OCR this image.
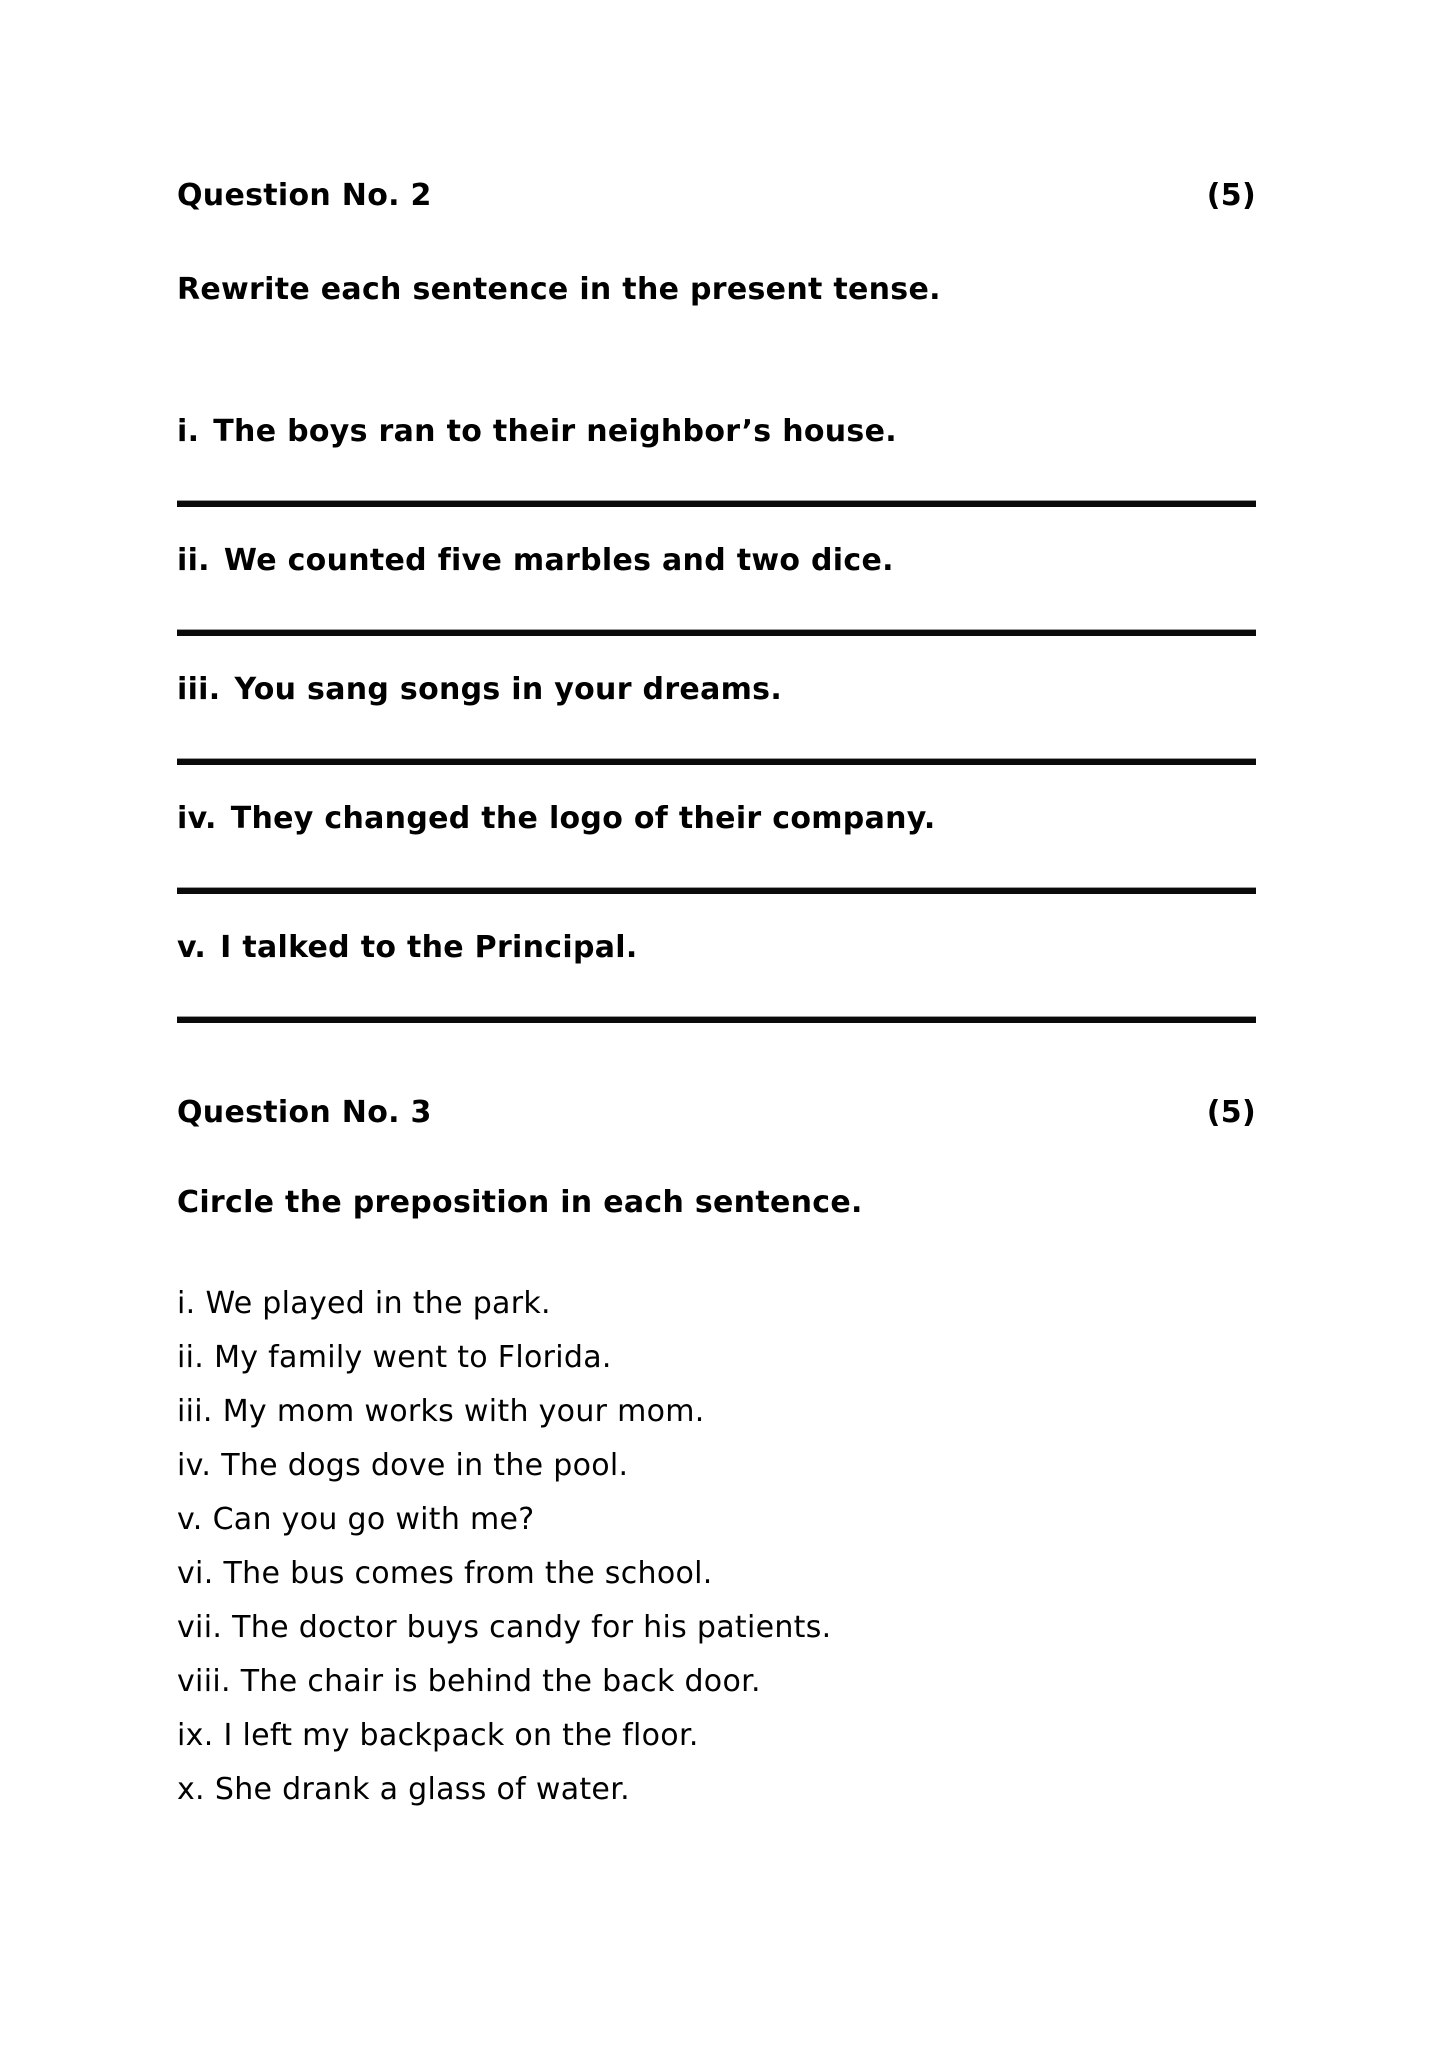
Question No. 2	(5)
Rewrite each sentence in the present tense.
i. The boys ran to their neighbor’s house.
ii. We counted five marbles and two dice.
iii. You sang songs in your dreams.
iv. They changed the logo of their company.
v. I talked to the Principal.
Question No. 3	(5)
Circle the preposition in each sentence.
i. We played in the park.
ii. My family went to Florida.
iii. My mom works with your mom.
iv. The dogs dove in the pool.
v. Can you go with me?
vi. The bus comes from the school.
vii. The doctor buys candy for his patients.
viii. The chair is behind the back door.
ix. I left my backpack on the floor.
x. She drank a glass of water.
